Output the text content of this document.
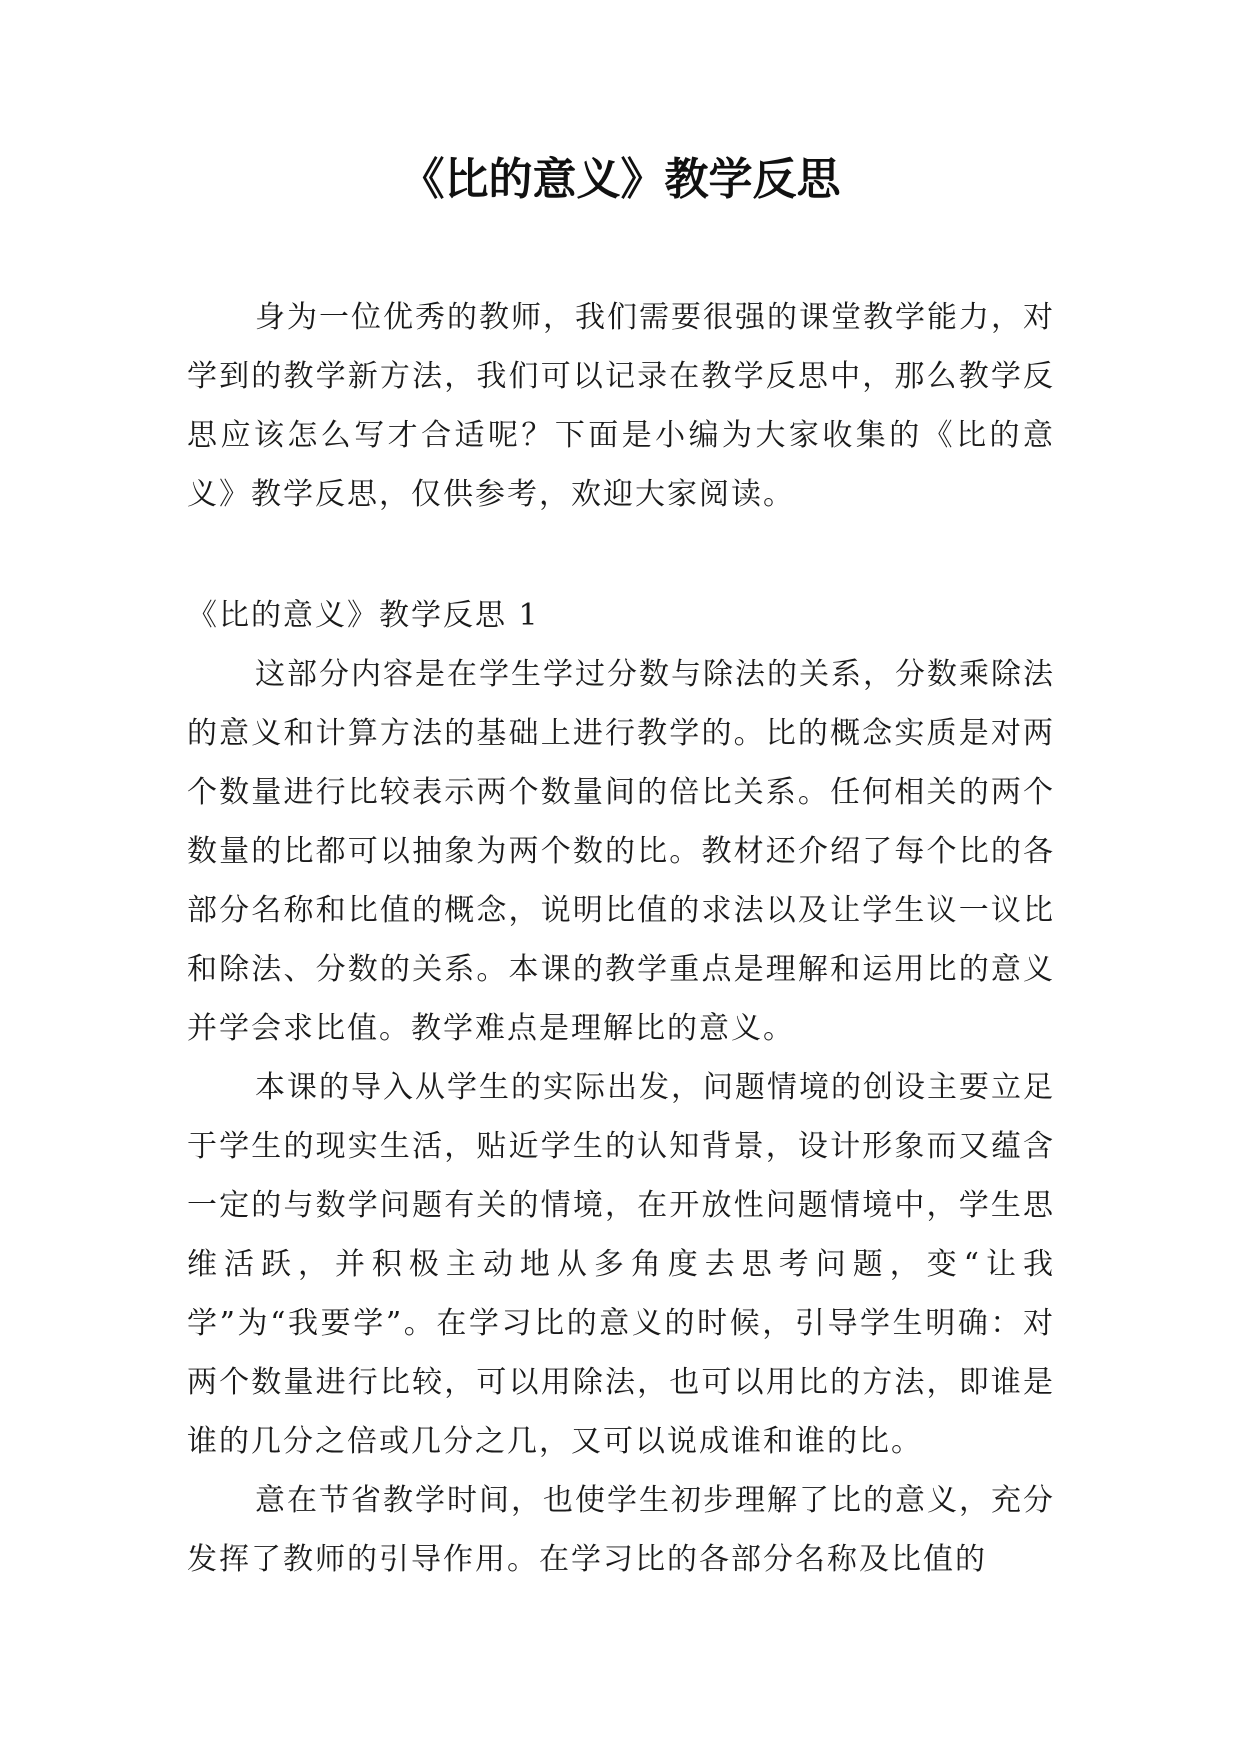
《比的意义》教学反思

身为一位优秀的教师，我们需要很强的课堂教学能力，对学到的教学新方法，我们可以记录在教学反思中，那么教学反思应该怎么写才合适呢？下面是小编为大家收集的《比的意义》教学反思，仅供参考，欢迎大家阅读。

《比的意义》教学反思 1

这部分内容是在学生学过分数与除法的关系，分数乘除法的意义和计算方法的基础上进行教学的。比的概念实质是对两个数量进行比较表示两个数量间的倍比关系。任何相关的两个数量的比都可以抽象为两个数的比。教材还介绍了每个比的各部分名称和比值的概念，说明比值的求法以及让学生议一议比和除法、分数的关系。本课的教学重点是理解和运用比的意义并学会求比值。教学难点是理解比的意义。

本课的导入从学生的实际出发，问题情境的创设主要立足于学生的现实生活，贴近学生的认知背景，设计形象而又蕴含一定的与数学问题有关的情境，在开放性问题情境中，学生思维活跃，并积极主动地从多角度去思考问题，变“让我学”为“我要学”。在学习比的意义的时候，引导学生明确：对两个数量进行比较，可以用除法，也可以用比的方法，即谁是谁的几分之倍或几分之几，又可以说成谁和谁的比。

意在节省教学时间，也使学生初步理解了比的意义，充分发挥了教师的引导作用。在学习比的各部分名称及比值的
